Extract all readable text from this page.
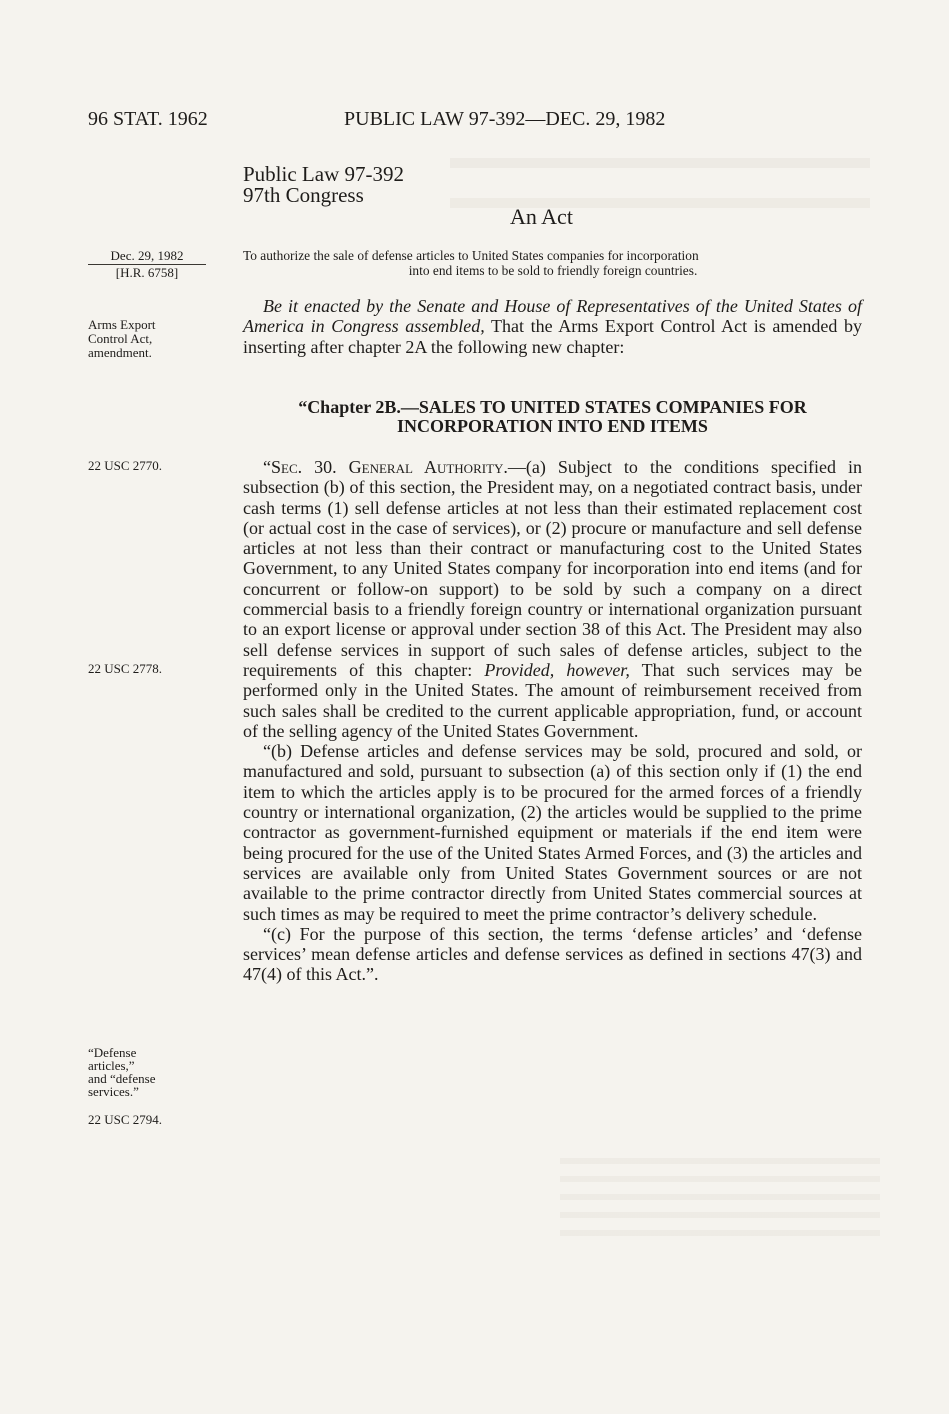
96 STAT. 1962	PUBLIC LAW 97-392—DEC. 29, 1982
Public Law 97-392
97th Congress
An Act
Dec. 29, 1982
[H.R. 6758]
Arms Export
Control Act,
amendment.
22 USC 2770.
22 USC 2778.
“Defense
articles,”
and “defense
services.”
22 USC 2794.
To authorize the sale of defense articles to United States companies for incorporation
into end items to be sold to friendly foreign countries.

Be it enacted by the Senate and House of Representatives of the United States of America in Congress assembled, That the Arms Export Control Act is amended by inserting after chapter 2A the following new chapter:

“Chapter 2B.—SALES TO UNITED STATES COMPANIES FOR
INCORPORATION INTO END ITEMS

“Sec. 30. General Authority.—(a) Subject to the conditions specified in subsection (b) of this section, the President may, on a negotiated contract basis, under cash terms (1) sell defense articles at not less than their estimated replacement cost (or actual cost in the case of services), or (2) procure or manufacture and sell defense articles at not less than their contract or manufacturing cost to the United States Government, to any United States company for incorporation into end items (and for concurrent or follow-on support) to be sold by such a company on a direct commercial basis to a friendly foreign country or international organization pursuant to an export license or approval under section 38 of this Act. The President may also sell defense services in support of such sales of defense articles, subject to the requirements of this chapter: Provided, however, That such services may be performed only in the United States. The amount of reimbursement received from such sales shall be credited to the current applicable appropriation, fund, or account of the selling agency of the United States Government.

“(b) Defense articles and defense services may be sold, procured and sold, or manufactured and sold, pursuant to subsection (a) of this section only if (1) the end item to which the articles apply is to be procured for the armed forces of a friendly country or international organization, (2) the articles would be supplied to the prime contractor as government-furnished equipment or materials if the end item were being procured for the use of the United States Armed Forces, and (3) the articles and services are available only from United States Government sources or are not available to the prime contractor directly from United States commercial sources at such times as may be required to meet the prime contractor’s delivery schedule.

“(c) For the purpose of this section, the terms ‘defense articles’ and ‘defense services’ mean defense articles and defense services as defined in sections 47(3) and 47(4) of this Act.”.
